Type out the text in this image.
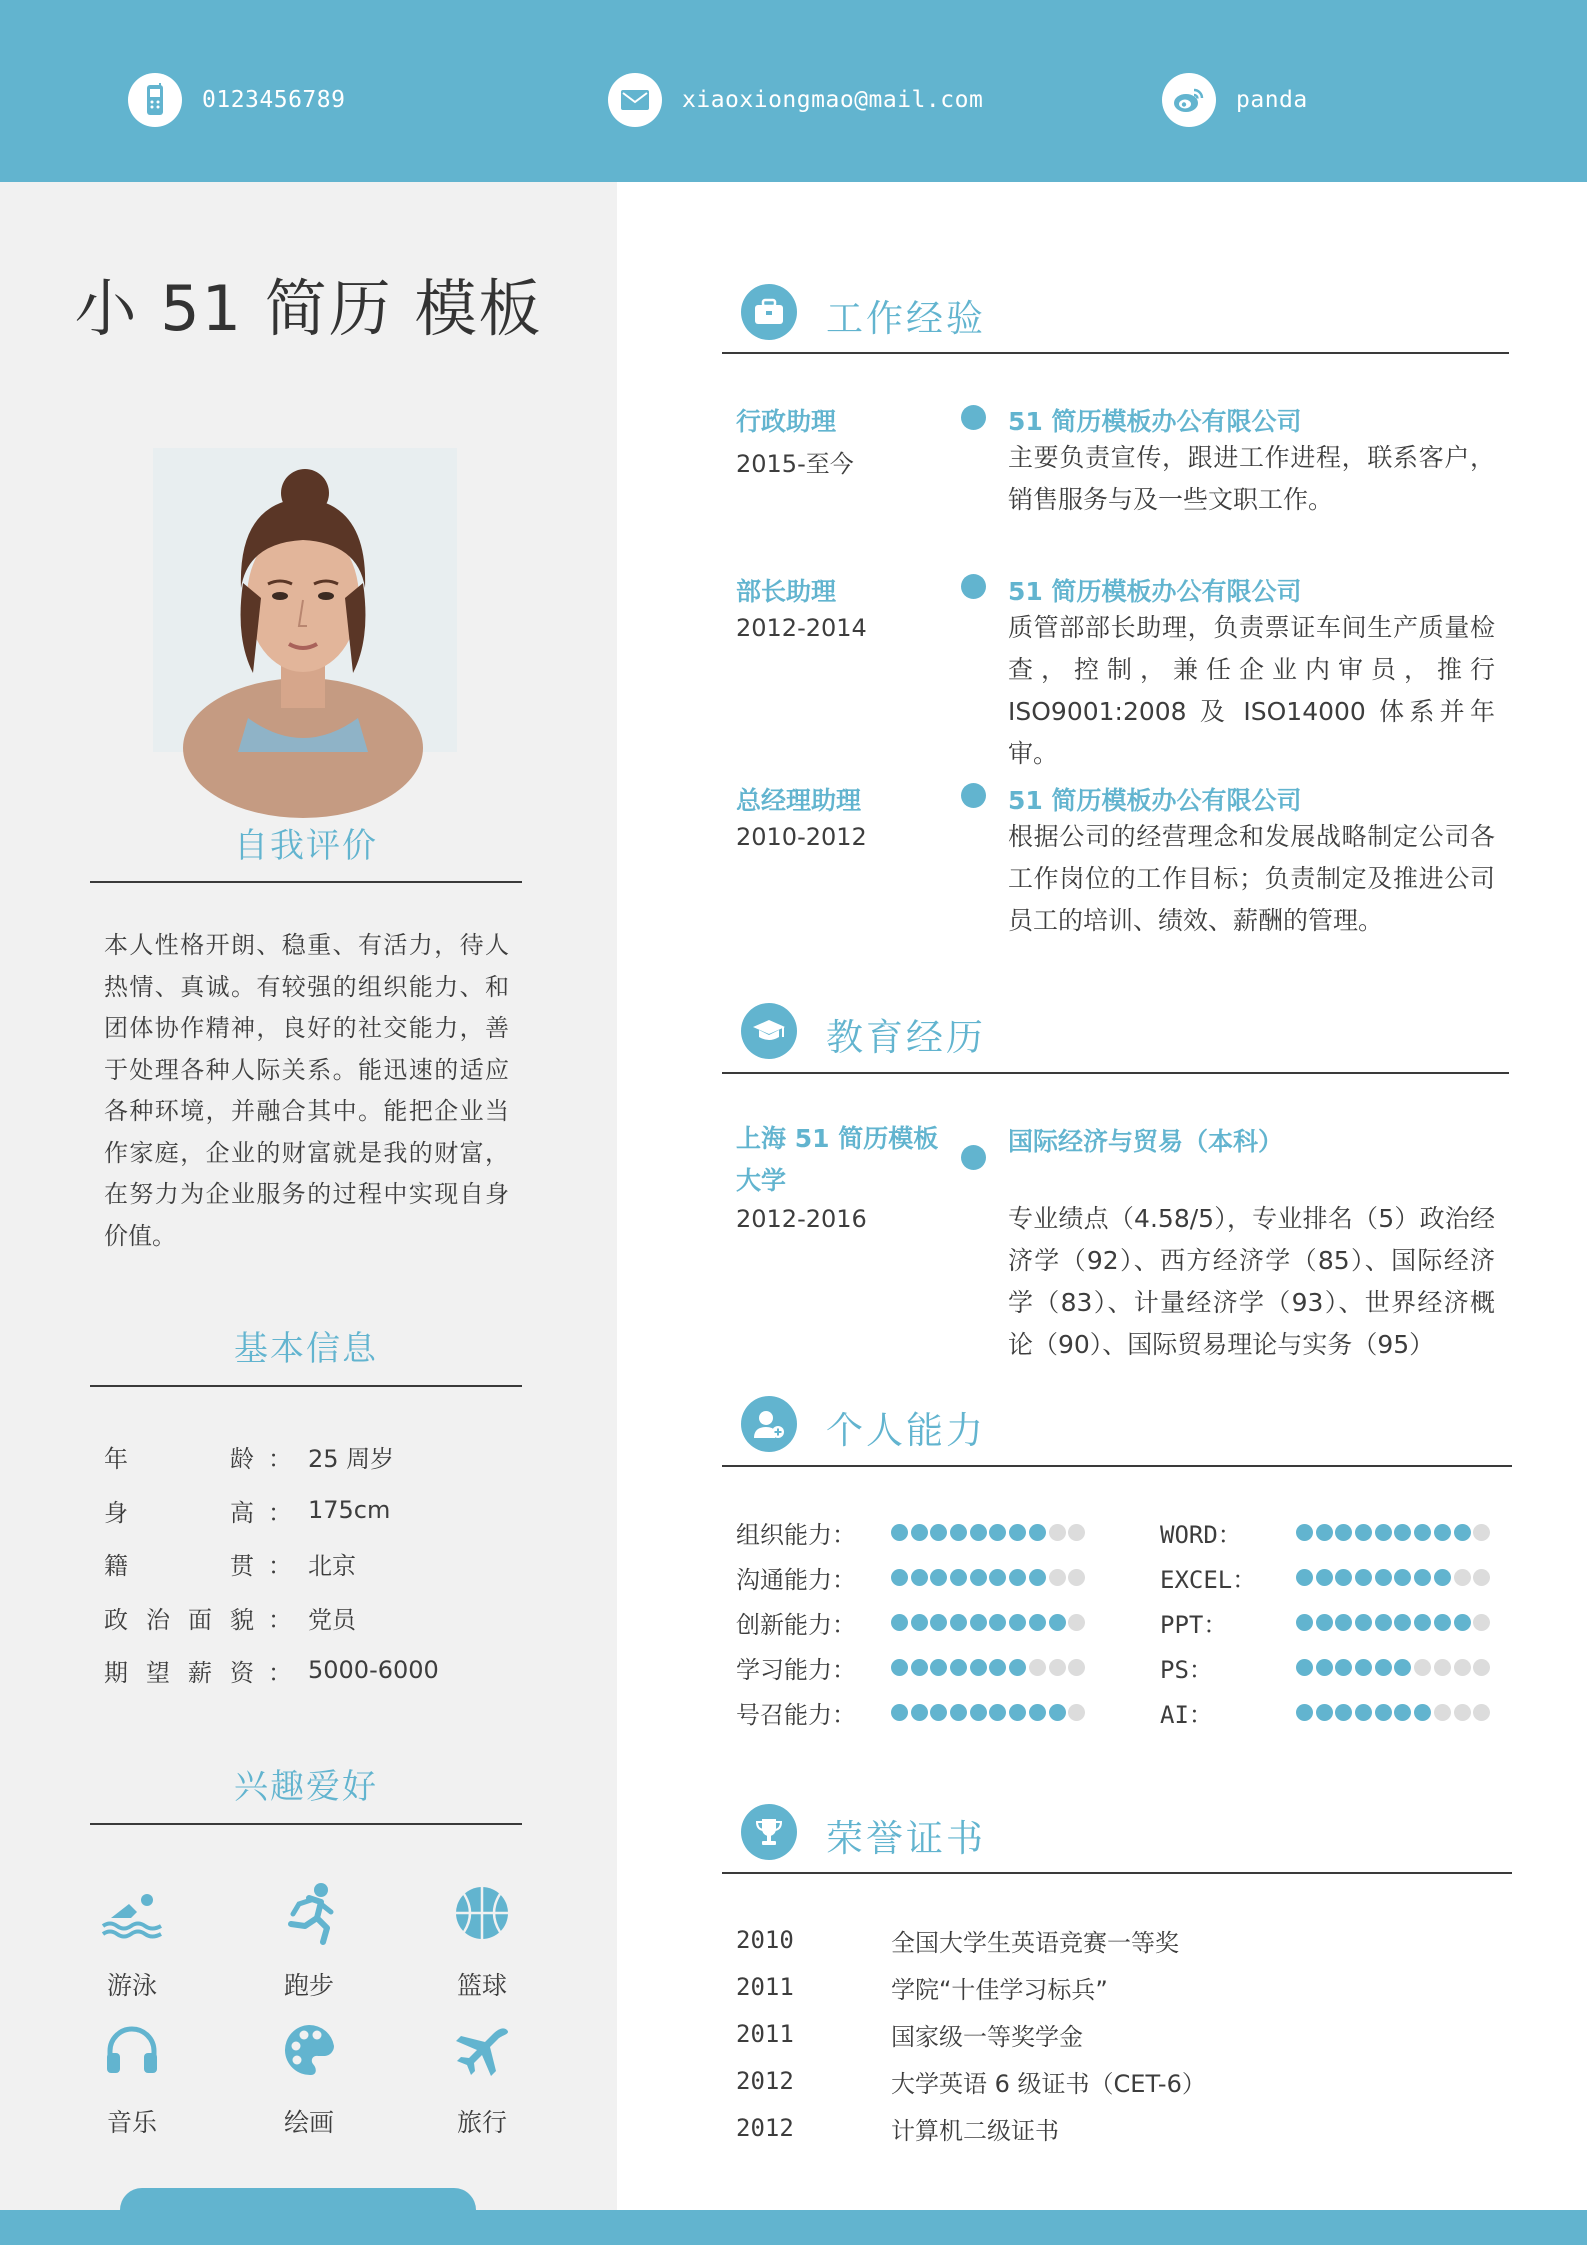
0123456789	xiaoxiongmao@mail.com	panda
小 51 简历 模板
自我评价
本人性格开朗、稳重、有活力，待人热情、真诚。有较强的组织能力、和团体协作精神，良好的社交能力，善于处理各种人际关系。能迅速的适应各种环境，并融合其中。能把企业当作家庭，企业的财富就是我的财富，在努力为企业服务的过程中实现自身价值。
基本信息
年	龄 ： 25 周岁
身	高 ： 175cm
籍	贯 ： 北京
政 治 面 貌 ： 党员
期 望 薪 资 ： 5000-6000
兴趣爱好
游泳	跑步	篮球
音乐	绘画	旅行
工作经验
行政助理
2015-至今
51 简历模板办公有限公司
主要负责宣传，跟进工作进程，联系客户，销售服务与及一些文职工作。
部长助理
2012-2014
51 简历模板办公有限公司
质管部部长助理，负责票证车间生产质量检查，控制，兼任企业内审员，推行 ISO9001:2008 及 ISO14000 体系并年审。
总经理助理
2010-2012
51 简历模板办公有限公司
根据公司的经营理念和发展战略制定公司各工作岗位的工作目标；负责制定及推进公司员工的培训、绩效、薪酬的管理。
教育经历
上海 51 简历模板大学
2012-2016
国际经济与贸易（本科）
专业绩点（4.58/5），专业排名（5）政治经济学（92）、西方经济学（85）、国际经济学（83）、计量经济学（93）、世界经济概论（90）、国际贸易理论与实务（95）
个人能力
组织能力：
沟通能力：
创新能力：
学习能力：
号召能力：
WORD：
EXCEL：
PPT：
PS：
AI：
荣誉证书
2010	全国大学生英语竞赛一等奖
2011	学院“十佳学习标兵”
2011	国家级一等奖学金
2012	大学英语 6 级证书（CET-6）
2012	计算机二级证书
